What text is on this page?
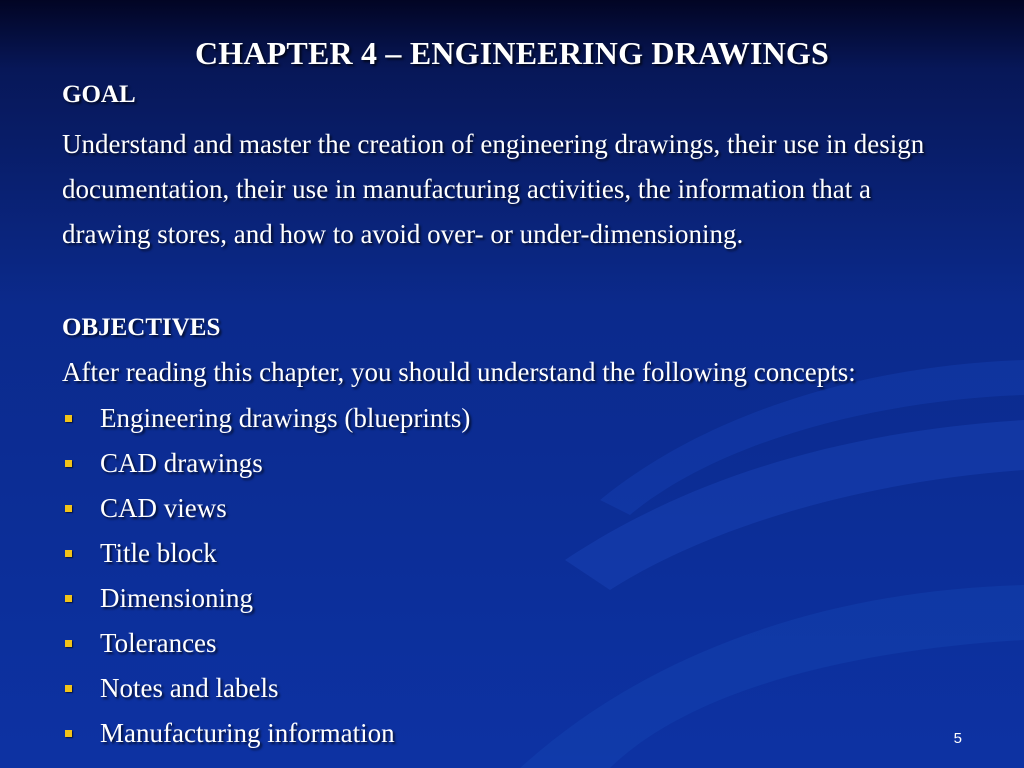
CHAPTER 4 – ENGINEERING DRAWINGS
GOAL

Understand and master the creation of engineering drawings, their use in design documentation, their use in manufacturing activities, the information that a drawing stores, and how to avoid over- or under-dimensioning.

OBJECTIVES
After reading this chapter, you should understand the following concepts:
Engineering drawings (blueprints)
CAD drawings
CAD views
Title block
Dimensioning
Tolerances
Notes and labels
Manufacturing information	5
